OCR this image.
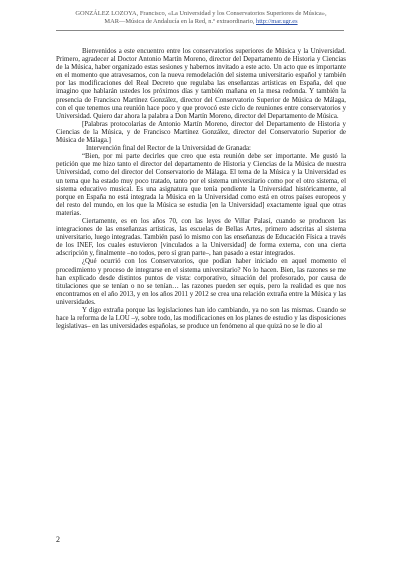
GONZÁLEZ LOZOYA, Francisco, «La Universidad y los Conservatorios Superiores de Música»,
MAR—Música de Andalucía en la Red, n.º extraordinario, http://mar.ugr.es

Bienvenidos a este encuentro entre los conservatorios superiores de Música y la Universidad. Primero, agradecer al Doctor Antonio Martín Moreno, director del Departamento de Historia y Ciencias de la Música, haber organizado estas sesiones y habernos invitado a este acto. Un acto que es importante en el momento que atravesamos, con la nueva remodelación del sistema universitario español y también por las modificaciones del Real Decreto que regulaba las enseñanzas artísticas en España, del que imagino que hablarán ustedes los próximos días y también mañana en la mesa redonda. Y también la presencia de Francisco Martínez González, director del Conservatorio Superior de Música de Málaga, con el que tenemos una reunión hace poco y que provocó este ciclo de reuniones entre conservatorios y Universidad. Quiero dar ahora la palabra a Don Martín Moreno, director del Departamento de Música.

[Palabras protocolarias de Antonio Martín Moreno, director del Departamento de Historia y Ciencias de la Música, y de Francisco Martínez González, director del Conservatorio Superior de Música de Málaga.]

Intervención final del Rector de la Universidad de Granada:

“Bien, por mi parte decirles que creo que esta reunión debe ser importante. Me gustó la petición que me hizo tanto el director del departamento de Historia y Ciencias de la Música de nuestra Universidad, como del director del Conservatorio de Málaga. El tema de la Música y la Universidad es un tema que ha estado muy poco tratado, tanto por el sistema universitario como por el otro sistema, el sistema educativo musical. Es una asignatura que tenía pendiente la Universidad históricamente, al porque en España no está integrada la Música en la Universidad como está en otros países europeos y del resto del mundo, en los que la Música se estudia [en la Universidad] exactamente igual que otras materias.

Ciertamente, es en los años 70, con las leyes de Villar Palasí, cuando se producen las integraciones de las enseñanzas artísticas, las escuelas de Bellas Artes, primero adscritas al sistema universitario, luego integradas. También pasó lo mismo con las enseñanzas de Educación Física a través de los INEF, los cuales estuvieron [vinculados a la Universidad] de forma externa, con una cierta adscripción y, finalmente –no todos, pero sí gran parte–, han pasado a estar integrados.

¿Qué ocurrió con los Conservatorios, que podían haber iniciado en aquel momento el procedimiento y proceso de integrarse en el sistema universitario? No lo hacen. Bien, las razones se me han explicado desde distintos puntos de vista: corporativo, situación del profesorado, por causa de titulaciones que se tenían o no se tenían… las razones pueden ser equis, pero la realidad es que nos encontramos en el año 2013, y en los años 2011 y 2012 se crea una relación extraña entre la Música y las universidades.

Y digo extraña porque las legislaciones han ido cambiando, ya no son las mismas. Cuando se hace la reforma de la LOU –y, sobre todo, las modificaciones en los planes de estudio y las disposiciones legislativas– en las universidades españolas, se produce un fenómeno al que quizá no se le dio al

2
